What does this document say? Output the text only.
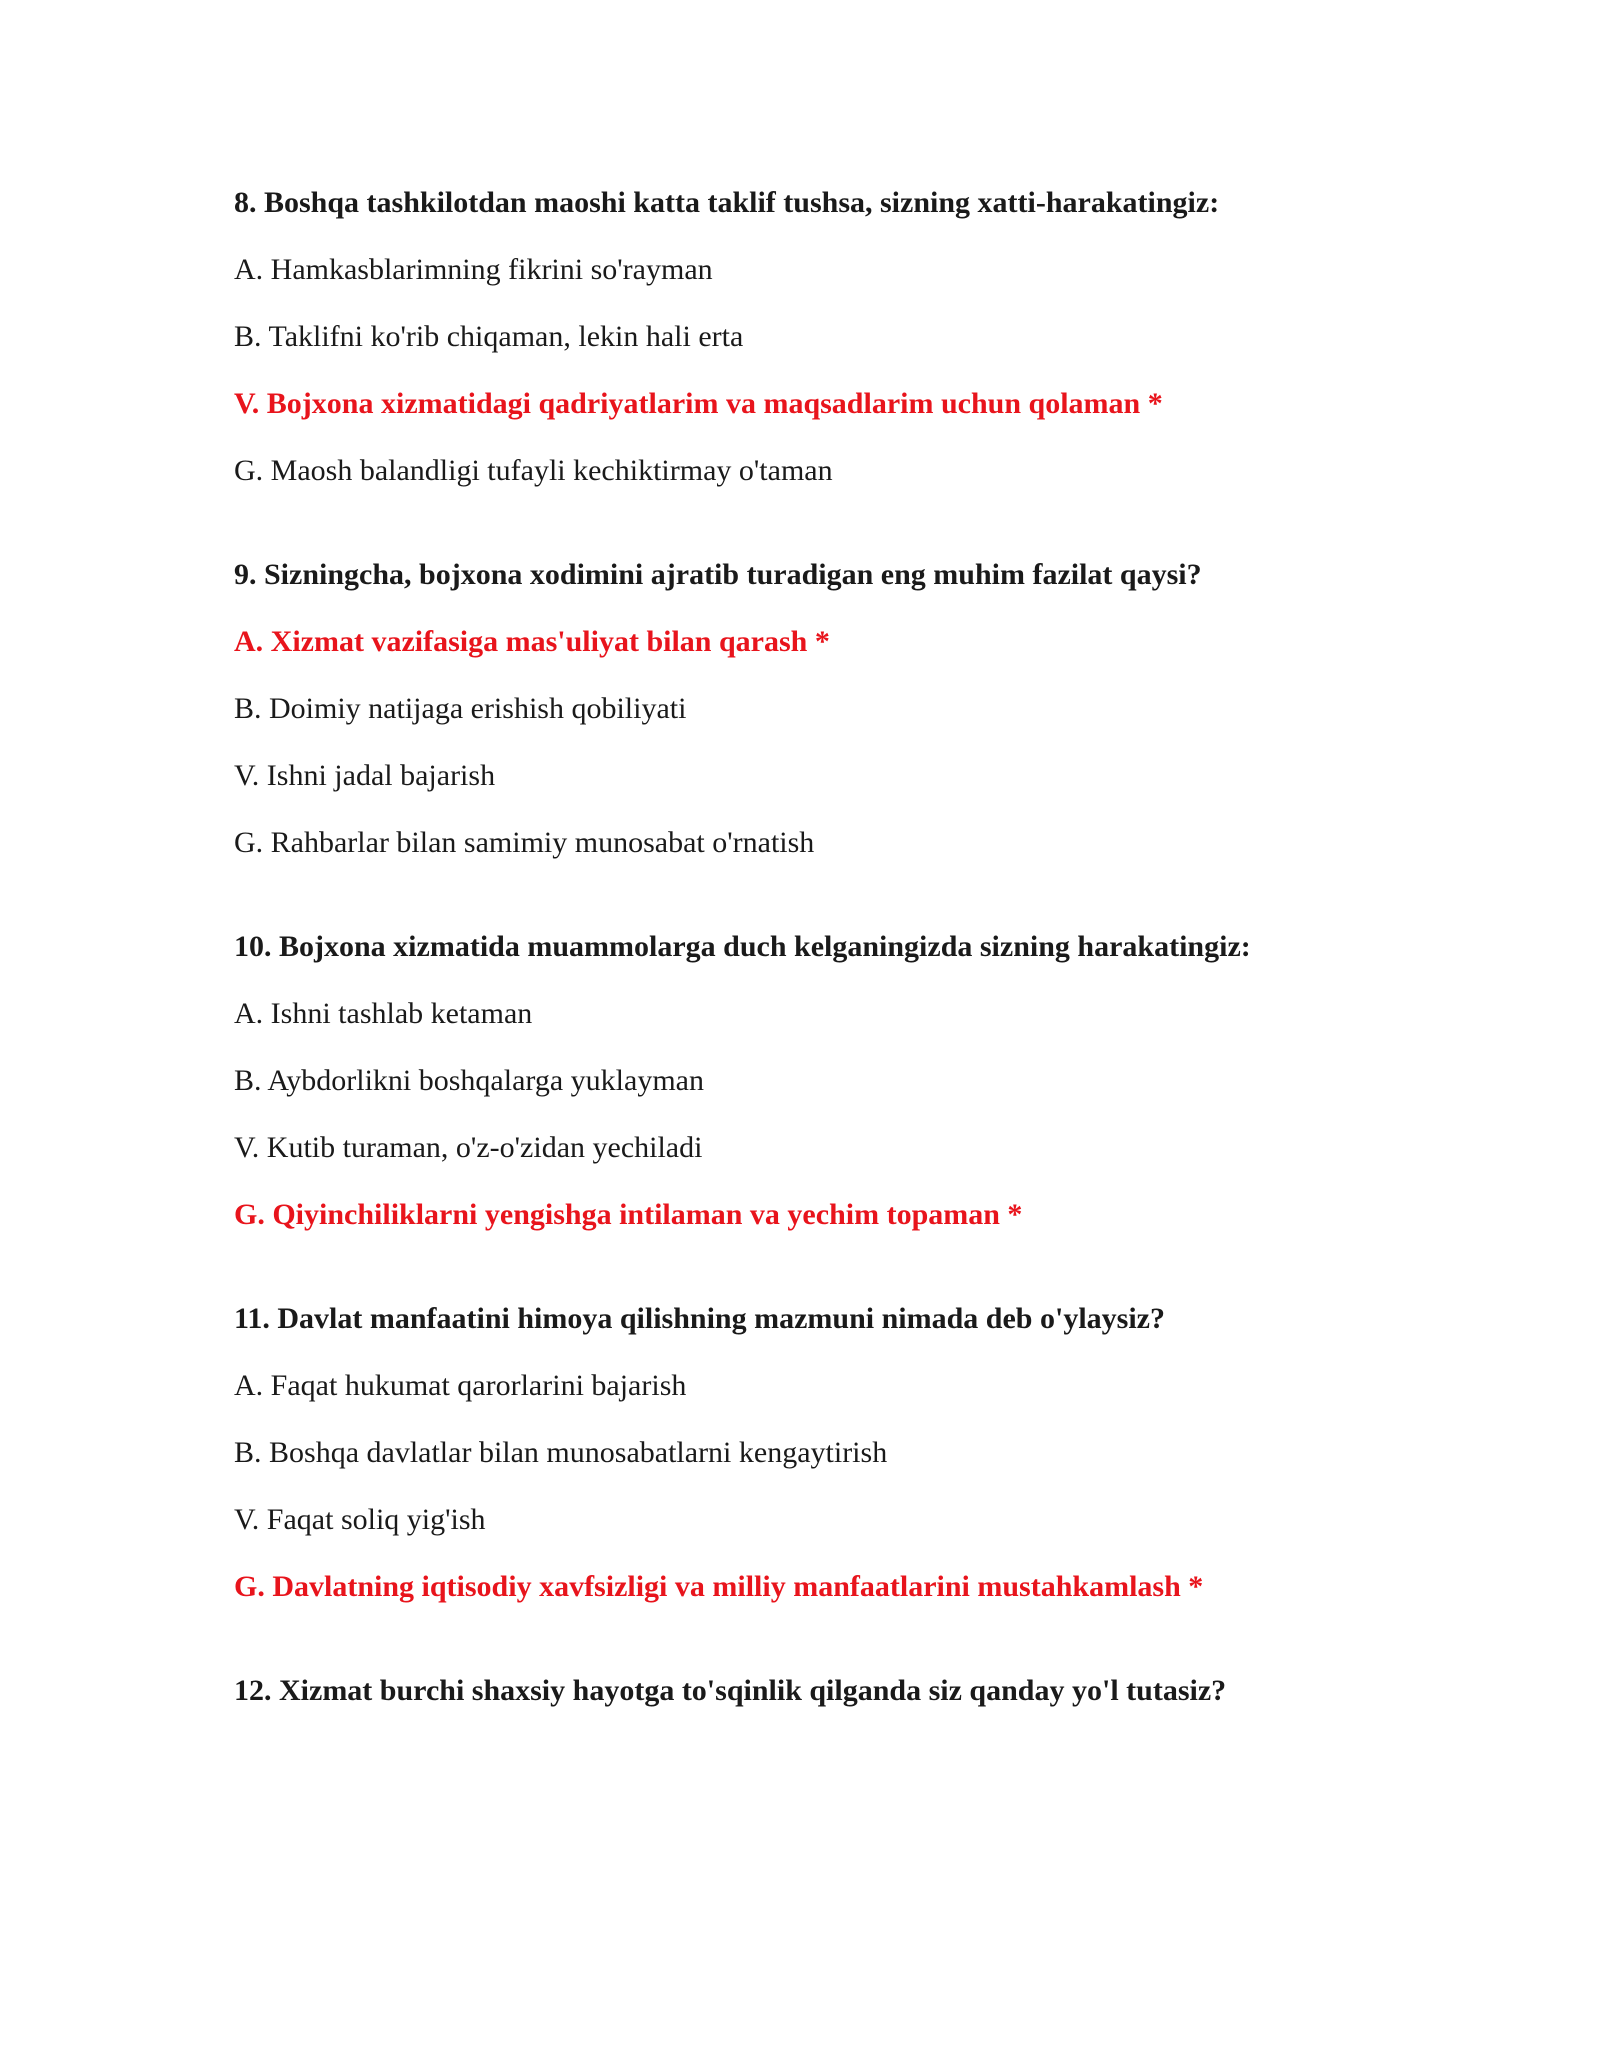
8. Boshqa tashkilotdan maoshi katta taklif tushsa, sizning xatti-harakatingiz:
A. Hamkasblarimning fikrini so'rayman
B. Taklifni ko'rib chiqaman, lekin hali erta
V. Bojxona xizmatidagi qadriyatlarim va maqsadlarim uchun qolaman *
G. Maosh balandligi tufayli kechiktirmay o'taman
9. Sizningcha, bojxona xodimini ajratib turadigan eng muhim fazilat qaysi?
A. Xizmat vazifasiga mas'uliyat bilan qarash *
B. Doimiy natijaga erishish qobiliyati
V. Ishni jadal bajarish
G. Rahbarlar bilan samimiy munosabat o'rnatish
10. Bojxona xizmatida muammolarga duch kelganingizda sizning harakatingiz:
A. Ishni tashlab ketaman
B. Aybdorlikni boshqalarga yuklayman
V. Kutib turaman, o'z-o'zidan yechiladi
G. Qiyinchiliklarni yengishga intilaman va yechim topaman *
11. Davlat manfaatini himoya qilishning mazmuni nimada deb o'ylaysiz?
A. Faqat hukumat qarorlarini bajarish
B. Boshqa davlatlar bilan munosabatlarni kengaytirish
V. Faqat soliq yig'ish
G. Davlatning iqtisodiy xavfsizligi va milliy manfaatlarini mustahkamlash *
12. Xizmat burchi shaxsiy hayotga to'sqinlik qilganda siz qanday yo'l tutasiz?
